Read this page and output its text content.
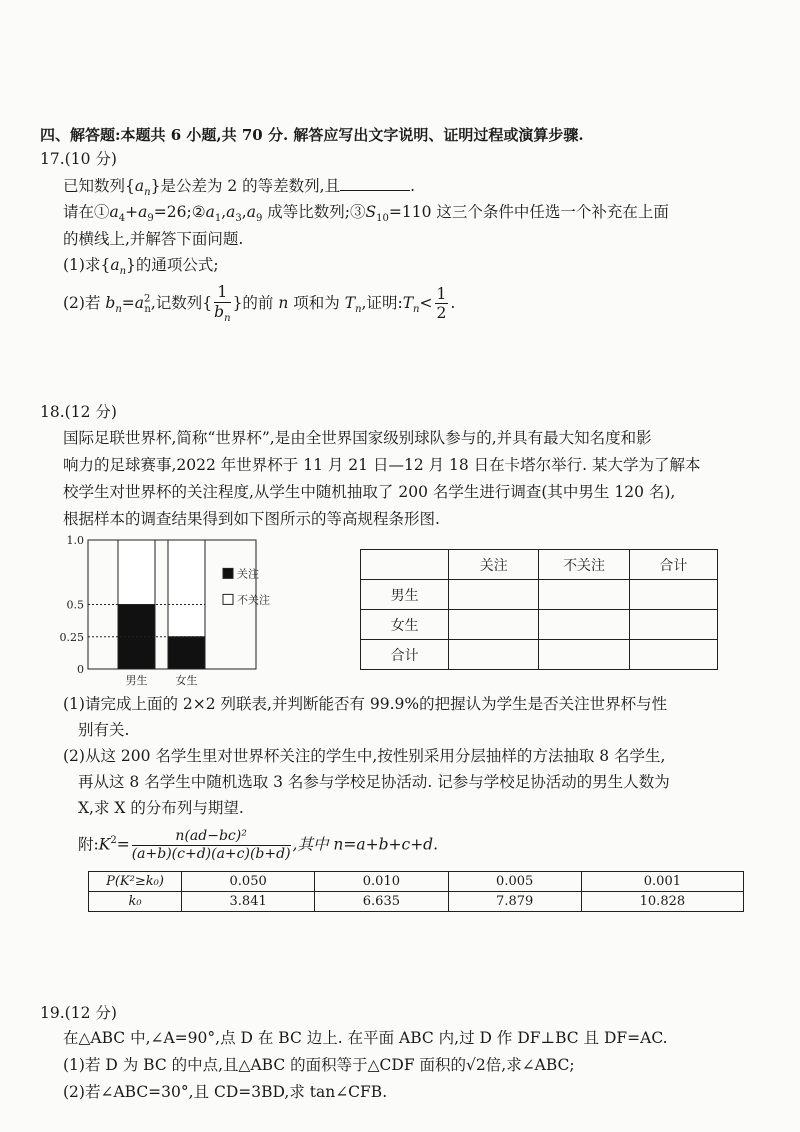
四、解答题:本题共 6 小题,共 70 分. 解答应写出文字说明、证明过程或演算步骤.
17.(10 分)
已知数列$\{a_n\}$是公差为 2 的等差数列,且	.
请在$①a_4+a_9=26;②a_1,a_3,a_9$ 成等比数列$;③S_{10}=110$ 这三个条件中任选一个补充在上面
的横线上,并解答下面问题.
(1)求$\{a_n\}$的通项公式;
(2)若 $b_n=a^2_n$,记数列{ $\frac{1}{b_n}$ }的前 n 项和为 $T_n$,证明$:T_n< \frac{1}{2}$ .
18.(12 分)
国际足联世界杯,简称“世界杯”,是由全世界国家级别球队参与的,并具有最大知名度和影
响力的足球赛事,2022 年世界杯于 11 月 21 日—12 月 18 日在卡塔尔举行. 某大学为了解本
校学生对世界杯的关注程度,从学生中随机抽取了 200 名学生进行调查(其中男生 120 名),
根据样本的调查结果得到如下图所示的等高规程条形图.
男生	女生
0
0.25
0.5
1.0
关注
不关注
	关注	不关注	合计
男生			
女生			
合计			
(1)请完成上面的 2×2 列联表,并判断能否有 99.9%的把握认为学生是否关注世界杯与性
别有关.
(2)从这 200 名学生里对世界杯关注的学生中,按性别采用分层抽样的方法抽取 8 名学生,
再从这 8 名学生中随机选取 3 名参与学校足协活动. 记参与学校足协活动的男生人数为
X,求 X 的分布列与期望.
附$:K^2= \frac{\text{n(ad−bc)²}}{(a+b)(c+d)(a+c)(b+d)}$ ,其中 n=a+b+c+d.
P(K²≥k₀)	0.050	0.010	0.005	0.001
k₀	3.841	6.635	7.879	10.828
19.(12 分)
在△ABC 中,∠A=90°,点 D 在 BC 边上. 在平面 ABC 内,过 D 作 DF⊥BC 且 DF=AC.
(1)若 D 为 BC 的中点,且△ABC 的面积等于△CDF 面积的√2倍,求∠ABC;
(2)若∠ABC=30°,且 CD=3BD,求 tan∠CFB.
